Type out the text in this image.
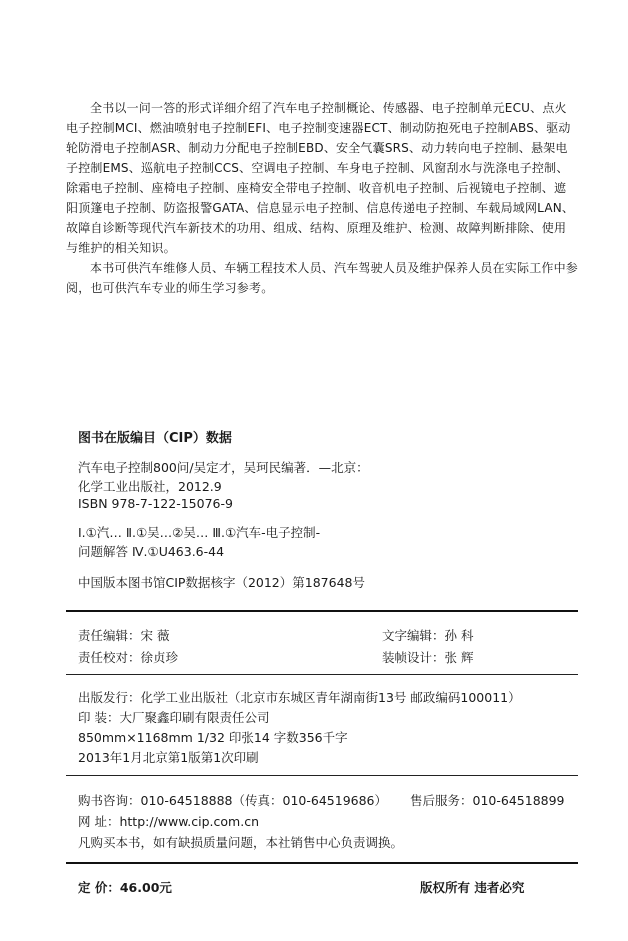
全书以一问一答的形式详细介绍了汽车电子控制概论、传感器、电子控制单元ECU、点火电子控制MCI、燃油喷射电子控制EFI、电子控制变速器ECT、制动防抱死电子控制ABS、驱动轮防滑电子控制ASR、制动力分配电子控制EBD、安全气囊SRS、动力转向电子控制、悬架电子控制EMS、巡航电子控制CCS、空调电子控制、车身电子控制、风窗刮水与洗涤电子控制、除霜电子控制、座椅电子控制、座椅安全带电子控制、收音机电子控制、后视镜电子控制、遮阳顶篷电子控制、防盗报警GATA、信息显示电子控制、信息传递电子控制、车载局域网LAN、故障自诊断等现代汽车新技术的功用、组成、结构、原理及维护、检测、故障判断排除、使用与维护的相关知识。

本书可供汽车维修人员、车辆工程技术人员、汽车驾驶人员及维护保养人员在实际工作中参阅，也可供汽车专业的师生学习参考。

图书在版编目（CIP）数据
汽车电子控制800问/吴定才，吴珂民编著．—北京：
化学工业出版社，2012.9
ISBN 978-7-122-15076-9
Ⅰ.①汽… Ⅱ.①吴…②吴… Ⅲ.①汽车-电子控制-
问题解答 Ⅳ.①U463.6-44
中国版本图书馆CIP数据核字（2012）第187648号
责任编辑：宋 薇	文字编辑：孙 科
责任校对：徐贞珍	装帧设计：张 辉
出版发行：化学工业出版社（北京市东城区青年湖南街13号 邮政编码100011）
印 装：大厂聚鑫印刷有限责任公司
850mm×1168mm 1/32 印张14 字数356千字
2013年1月北京第1版第1次印刷
购书咨询：010-64518888（传真：010-64519686） 售后服务：010-64518899
网 址：http://www.cip.com.cn
凡购买本书，如有缺损质量问题，本社销售中心负责调换。
定 价：46.00元	版权所有 违者必究
